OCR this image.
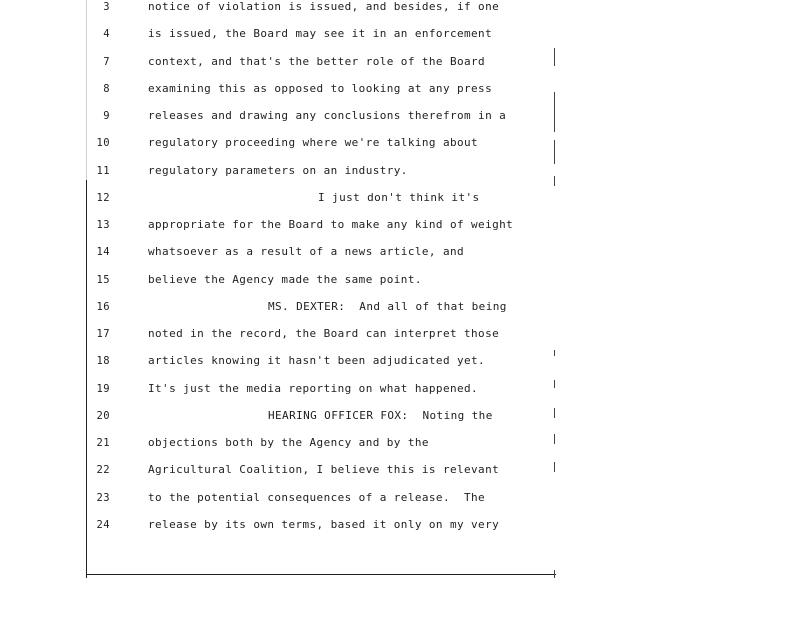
3	notice of violation is issued, and besides, if one
4	is issued, the Board may see it in an enforcement
7	context, and that's the better role of the Board
8	examining this as opposed to looking at any press
9	releases and drawing any conclusions therefrom in a
10	regulatory proceeding where we're talking about
11	regulatory parameters on an industry.
12	I just don't think it's
13	appropriate for the Board to make any kind of weight
14	whatsoever as a result of a news article, and
15	believe the Agency made the same point.
16	MS. DEXTER:  And all of that being
17	noted in the record, the Board can interpret those
18	articles knowing it hasn't been adjudicated yet.
19	It's just the media reporting on what happened.
20	HEARING OFFICER FOX:  Noting the
21	objections both by the Agency and by the
22	Agricultural Coalition, I believe this is relevant
23	to the potential consequences of a release.  The
24	release by its own terms, based it only on my very
